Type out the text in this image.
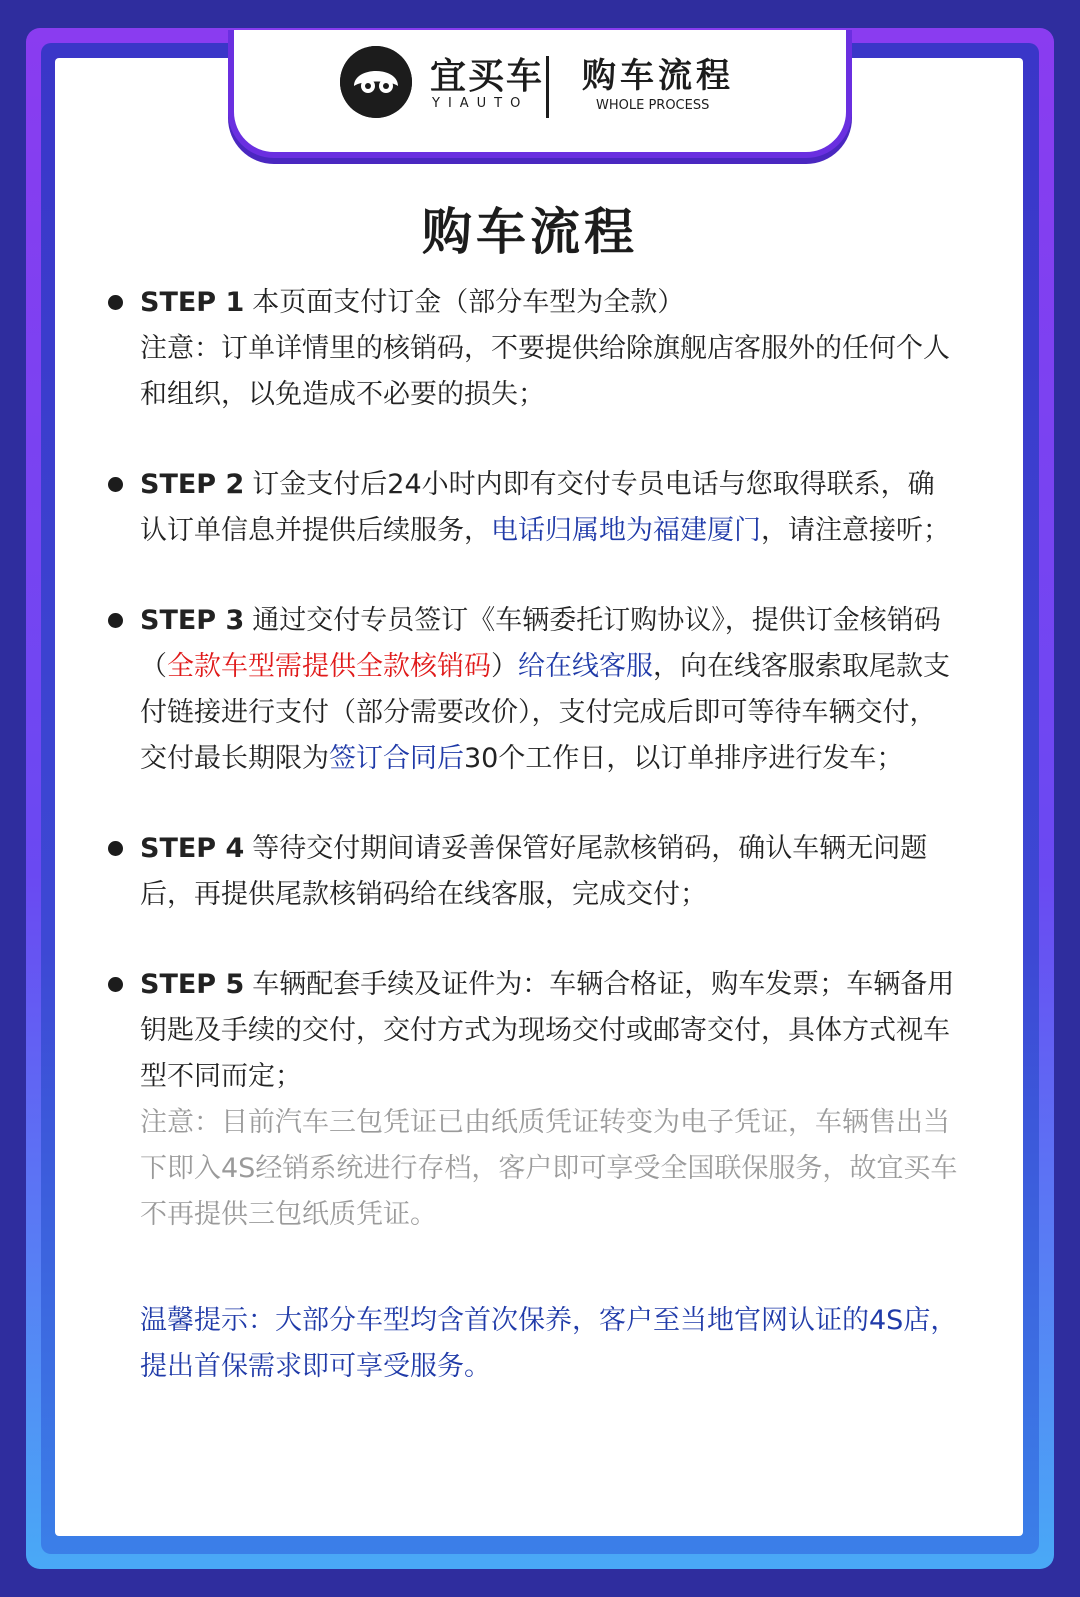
宜买车
YIAUTO
购车流程
WHOLE PROCESS
购车流程
STEP 1 本页面支付订金（部分车型为全款）
注意：订单详情里的核销码，不要提供给除旗舰店客服外的任何个人和组织，以免造成不必要的损失；
STEP 2 订金支付后24小时内即有交付专员电话与您取得联系，确认订单信息并提供后续服务，电话归属地为福建厦门，请注意接听；
STEP 3 通过交付专员签订《车辆委托订购协议》，提供订金核销码（全款车型需提供全款核销码）给在线客服，向在线客服索取尾款支付链接进行支付（部分需要改价），支付完成后即可等待车辆交付，交付最长期限为签订合同后30个工作日，以订单排序进行发车；
STEP 4 等待交付期间请妥善保管好尾款核销码，确认车辆无问题后，再提供尾款核销码给在线客服，完成交付；
STEP 5 车辆配套手续及证件为：车辆合格证，购车发票；车辆备用钥匙及手续的交付，交付方式为现场交付或邮寄交付，具体方式视车型不同而定；
注意：目前汽车三包凭证已由纸质凭证转变为电子凭证，车辆售出当下即入4S经销系统进行存档，客户即可享受全国联保服务，故宜买车不再提供三包纸质凭证。
温馨提示：大部分车型均含首次保养，客户至当地官网认证的4S店，提出首保需求即可享受服务。
